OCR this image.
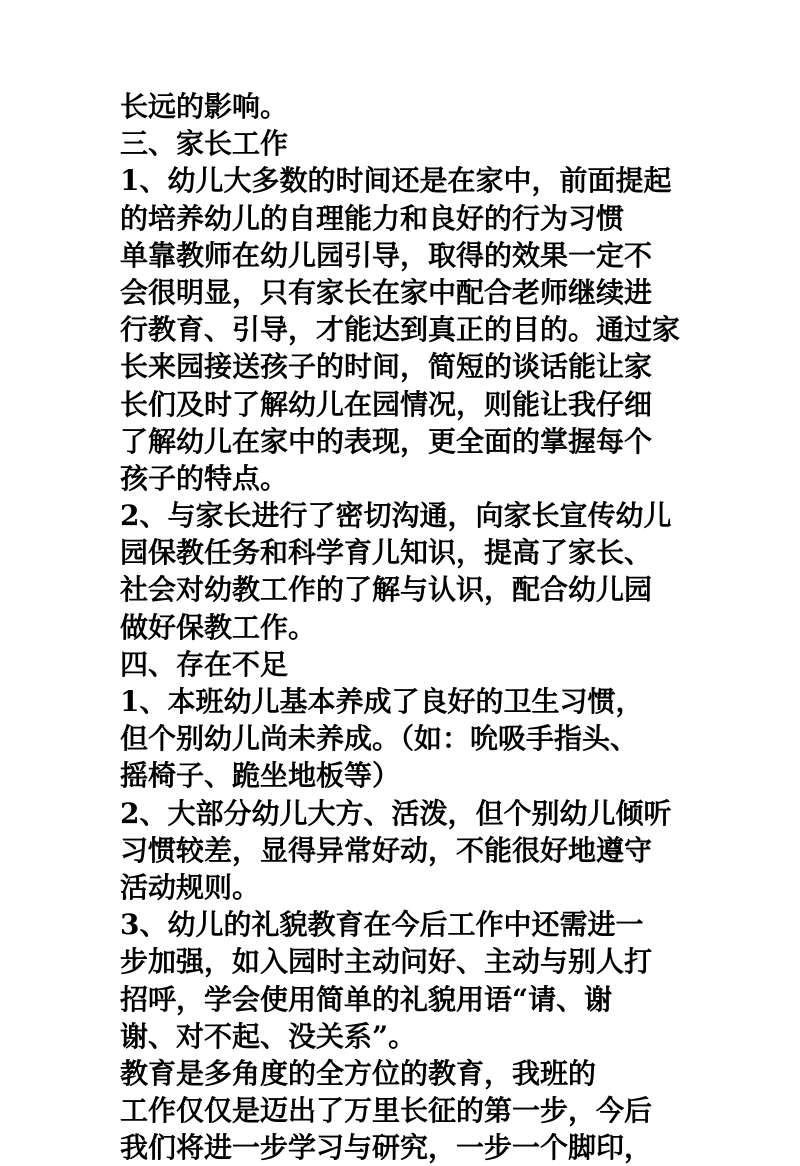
长远的影响。
三、家长工作
1、幼儿大多数的时间还是在家中，前面提起
的培养幼儿的自理能力和良好的行为习惯
单靠教师在幼儿园引导，取得的效果一定不
会很明显，只有家长在家中配合老师继续进
行教育、引导，才能达到真正的目的。通过家
长来园接送孩子的时间，简短的谈话能让家
长们及时了解幼儿在园情况，则能让我仔细
了解幼儿在家中的表现，更全面的掌握每个
孩子的特点。
2、与家长进行了密切沟通，向家长宣传幼儿
园保教任务和科学育儿知识，提高了家长、
社会对幼教工作的了解与认识，配合幼儿园
做好保教工作。
四、存在不足
1、本班幼儿基本养成了良好的卫生习惯，
但个别幼儿尚未养成。（如：吮吸手指头、
摇椅子、跪坐地板等）
2、大部分幼儿大方、活泼，但个别幼儿倾听
习惯较差，显得异常好动，不能很好地遵守
活动规则。
3、幼儿的礼貌教育在今后工作中还需进一
步加强，如入园时主动问好、主动与别人打
招呼，学会使用简单的礼貌用语“请、谢
谢、对不起、没关系”。
教育是多角度的全方位的教育，我班的
工作仅仅是迈出了万里长征的第一步，今后
我们将进一步学习与研究，一步一个脚印，
